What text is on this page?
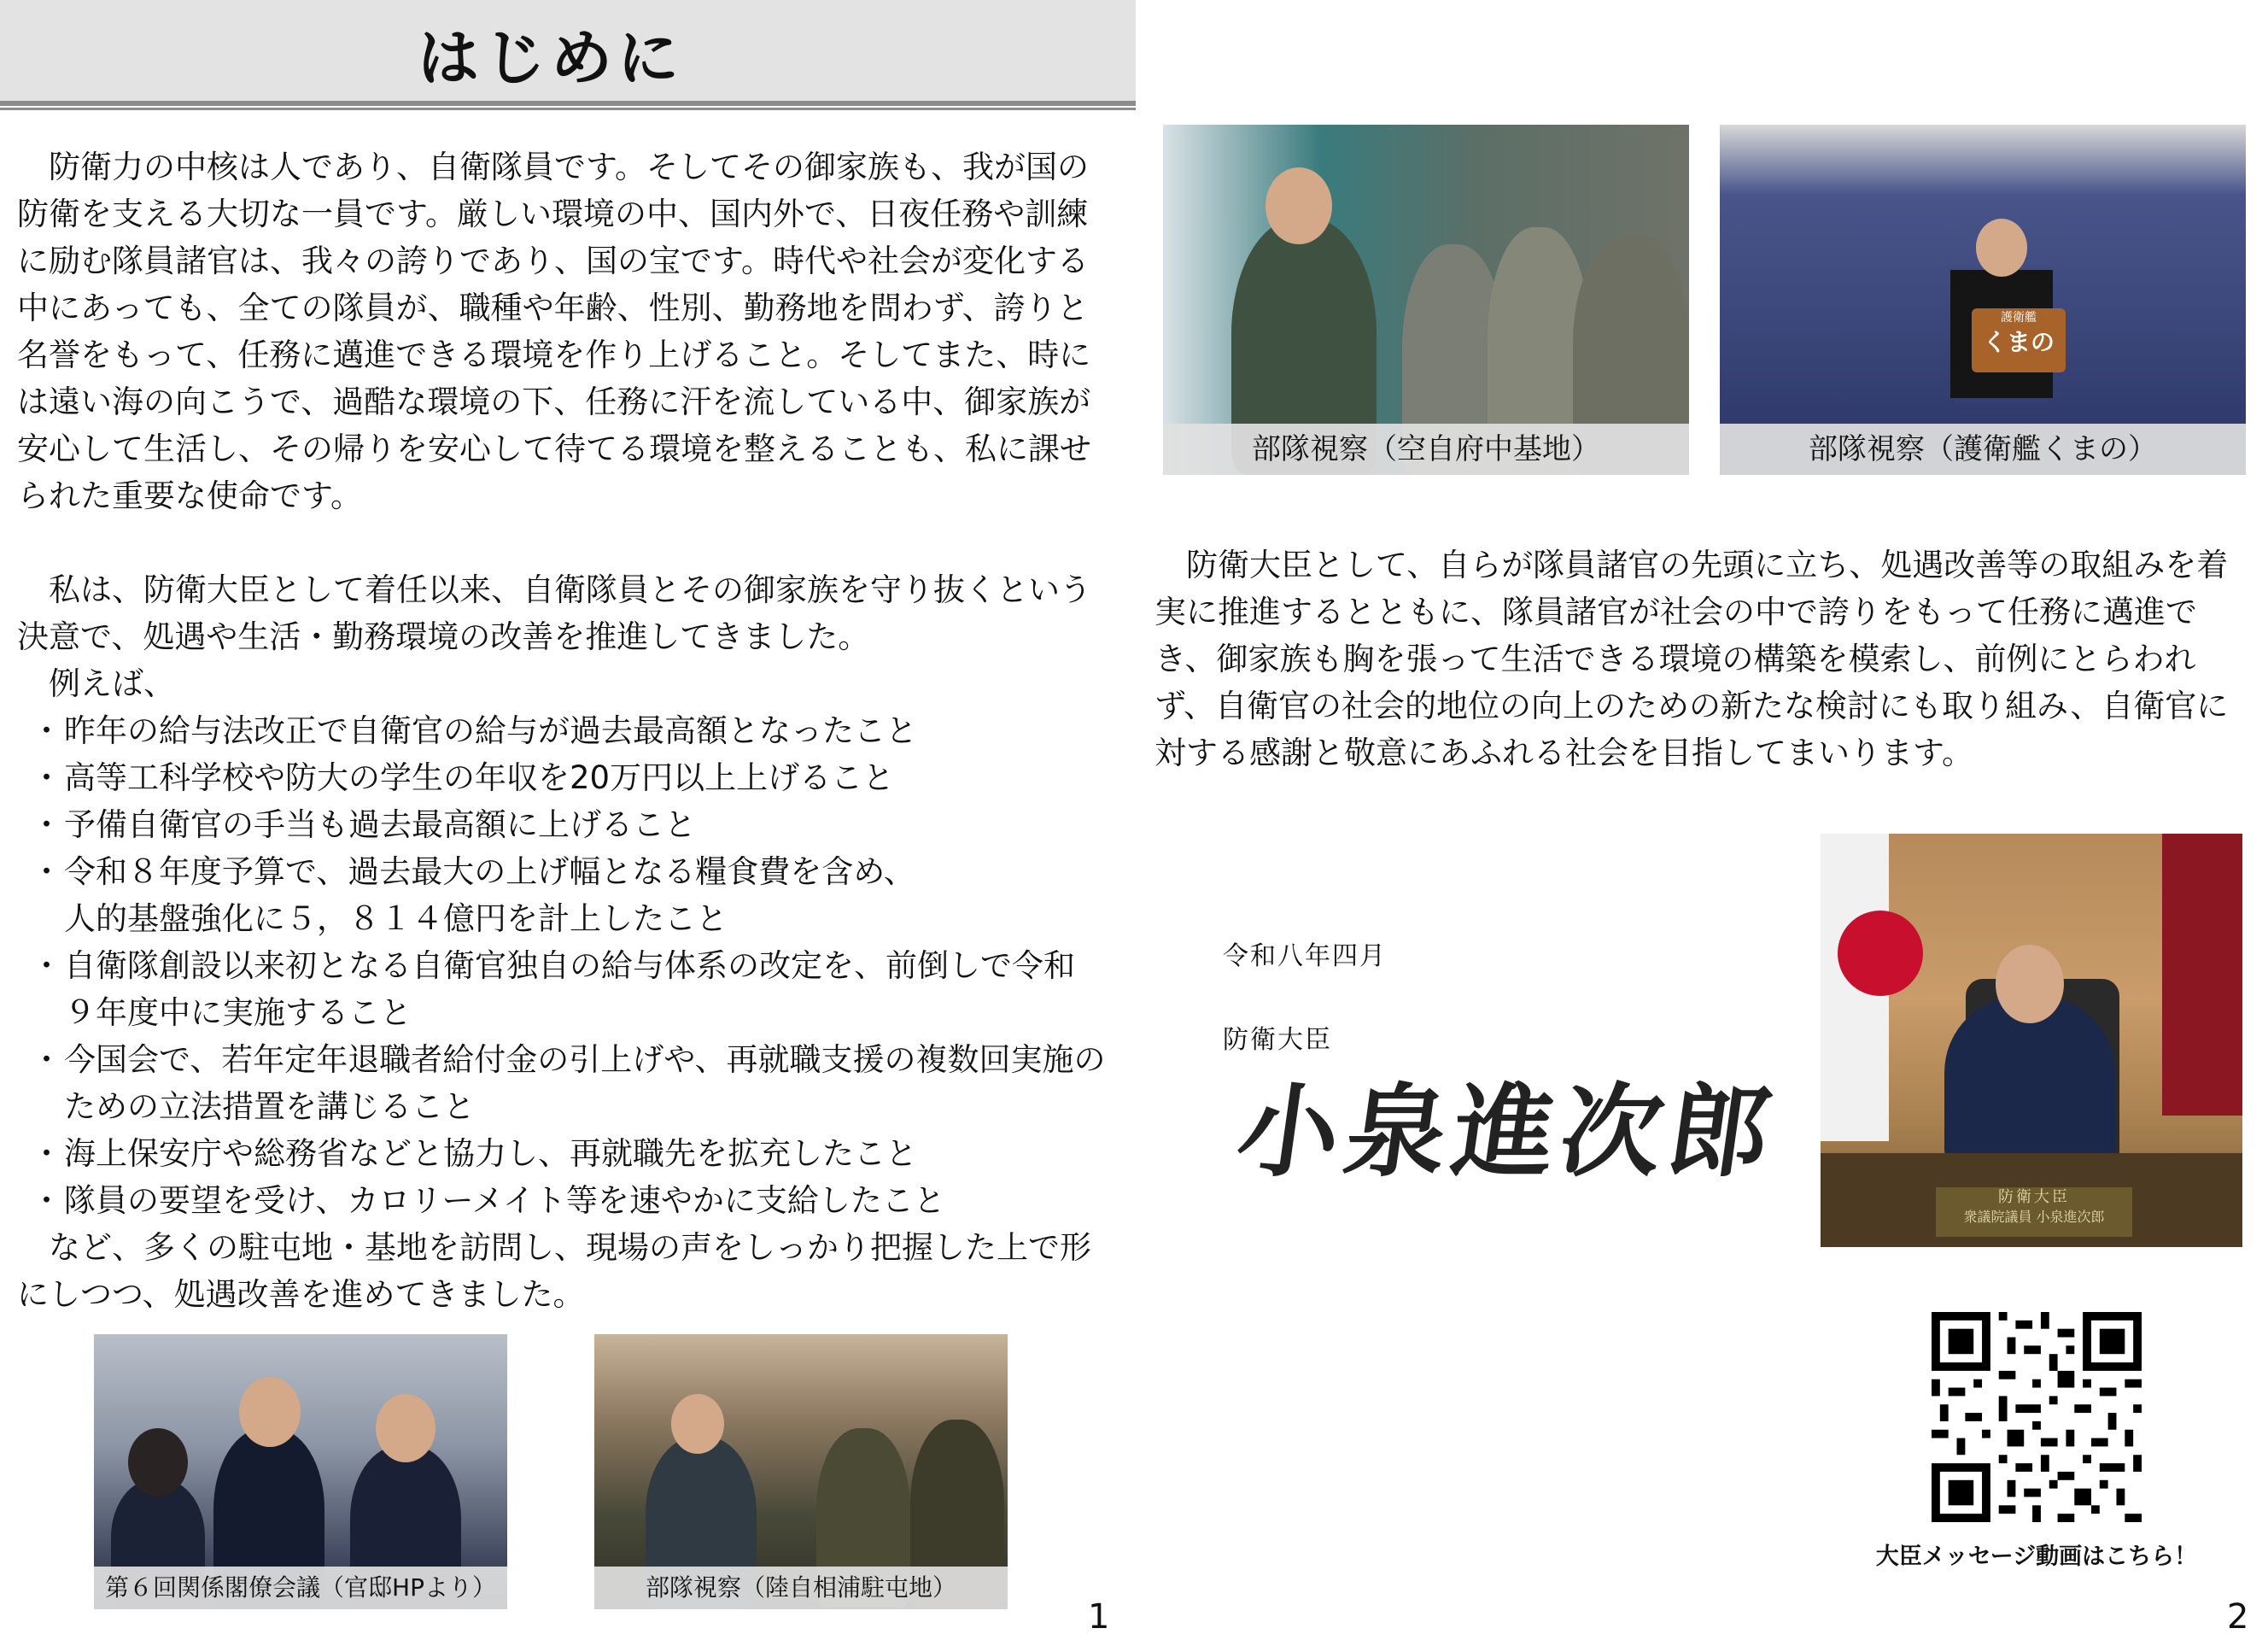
はじめに

防衛力の中核は人であり、自衛隊員です。そしてその御家族も、我が国の防衛を支える大切な一員です。厳しい環境の中、国内外で、日夜任務や訓練に励む隊員諸官は、我々の誇りであり、国の宝です。時代や社会が変化する中にあっても、全ての隊員が、職種や年齢、性別、勤務地を問わず、誇りと名誉をもって、任務に邁進できる環境を作り上げること。そしてまた、時には遠い海の向こうで、過酷な環境の下、任務に汗を流している中、御家族が安心して生活し、その帰りを安心して待てる環境を整えることも、私に課せられた重要な使命です。

私は、防衛大臣として着任以来、自衛隊員とその御家族を守り抜くという決意で、処遇や生活・勤務環境の改善を推進してきました。

例えば、

・ 昨年の給与法改正で自衛官の給与が過去最高額となったこと
・ 高等工科学校や防大の学生の年収を20万円以上上げること
・ 予備自衛官の手当も過去最高額に上げること
・ 令和８年度予算で、過去最大の上げ幅となる糧食費を含め、人的基盤強化に５，８１４億円を計上したこと
・ 自衛隊創設以来初となる自衛官独自の給与体系の改定を、前倒しで令和９年度中に実施すること
・ 今国会で、若年定年退職者給付金の引上げや、再就職支援の複数回実施のための立法措置を講じること
・ 海上保安庁や総務省などと協力し、再就職先を拡充したこと
・ 隊員の要望を受け、カロリーメイト等を速やかに支給したこと

など、多くの駐屯地・基地を訪問し、現場の声をしっかり把握した上で形にしつつ、処遇改善を進めてきました。

第６回関係閣僚会議（官邸HPより）	部隊視察（陸自相浦駐屯地）
1
部隊視察（空自府中基地）
護衛艦
くまの
部隊視察（護衛艦くまの）

防衛大臣として、自らが隊員諸官の先頭に立ち、処遇改善等の取組みを着実に推進するとともに、隊員諸官が社会の中で誇りをもって任務に邁進でき、御家族も胸を張って生活できる環境の構築を模索し、前例にとらわれず、自衛官の社会的地位の向上のための新たな検討にも取り組み、自衛官に対する感謝と敬意にあふれる社会を目指してまいります。

令和八年四月
防衛大臣
小泉進次郎
防衛大臣
衆議院議員 小泉進次郎
大臣メッセージ動画はこちら！
2
